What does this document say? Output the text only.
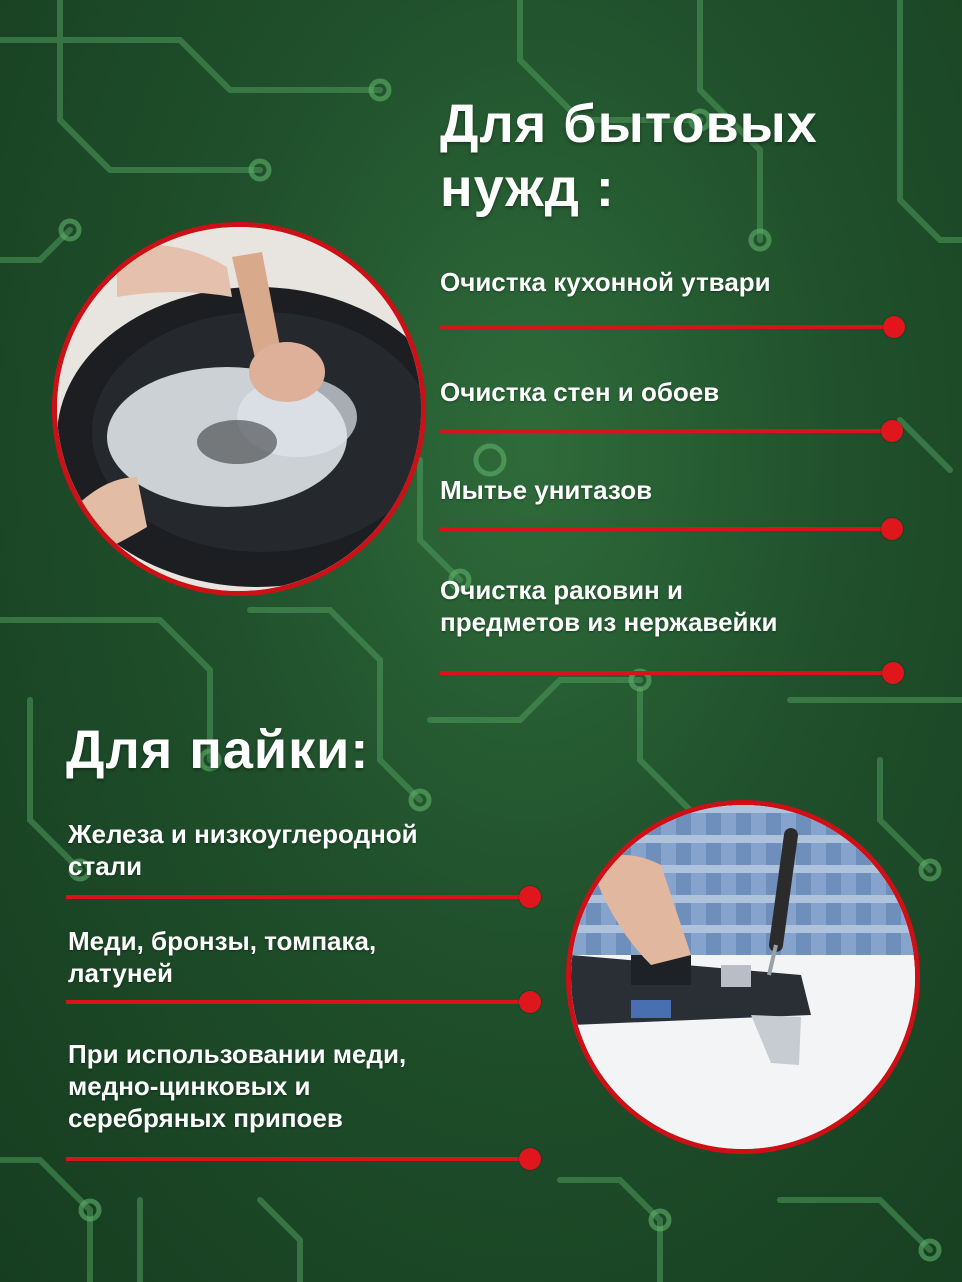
Для бытовых
нужд :
Очистка кухонной утвари
Очистка стен и обоев
Мытье унитазов
Очистка раковин и
предметов из нержавейки
Для пайки:
Железа и низкоуглеродной
стали
Меди, бронзы, томпака,
латуней
При использовании меди,
медно-цинковых и
серебряных припоев
